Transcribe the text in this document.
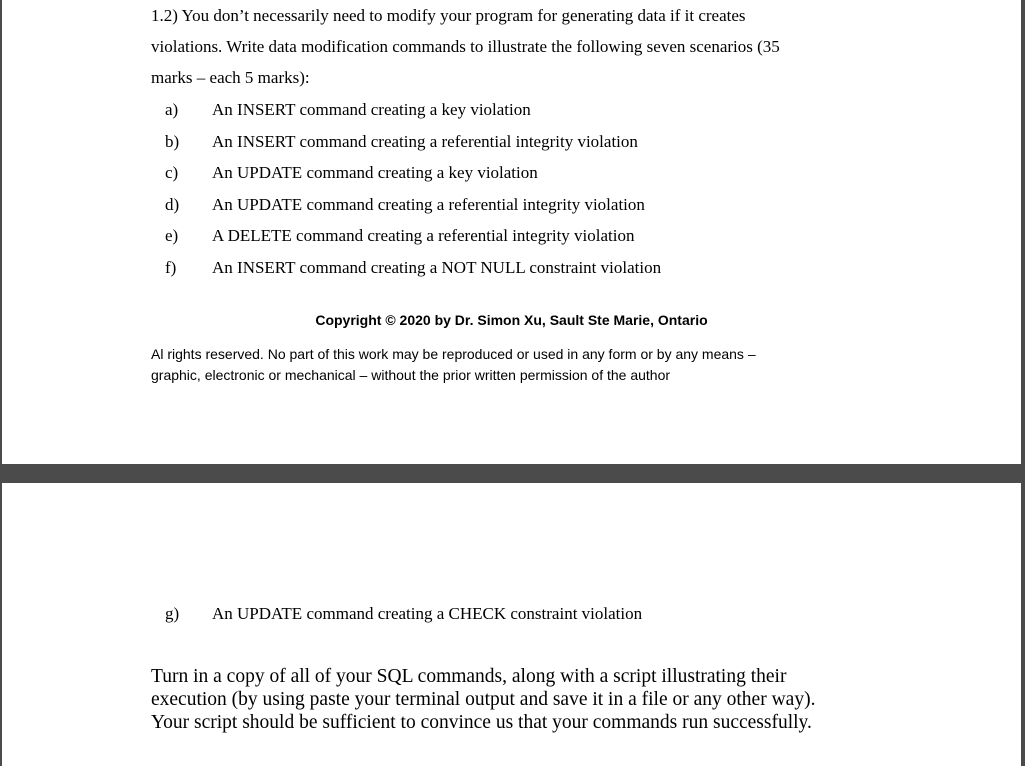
1.2) You don’t necessarily need to modify your program for generating data if it creates
violations. Write data modification commands to illustrate the following seven scenarios (35
marks – each 5 marks):
a) An INSERT command creating a key violation
b) An INSERT command creating a referential integrity violation
c) An UPDATE command creating a key violation
d) An UPDATE command creating a referential integrity violation
e) A DELETE command creating a referential integrity violation
f) An INSERT command creating a NOT NULL constraint violation
Copyright © 2020 by Dr. Simon Xu, Sault Ste Marie, Ontario
Al rights reserved. No part of this work may be reproduced or used in any form or by any means –
graphic, electronic or mechanical – without the prior written permission of the author
g) An UPDATE command creating a CHECK constraint violation
Turn in a copy of all of your SQL commands, along with a script illustrating their
execution (by using paste your terminal output and save it in a file or any other way).
Your script should be sufficient to convince us that your commands run successfully.
